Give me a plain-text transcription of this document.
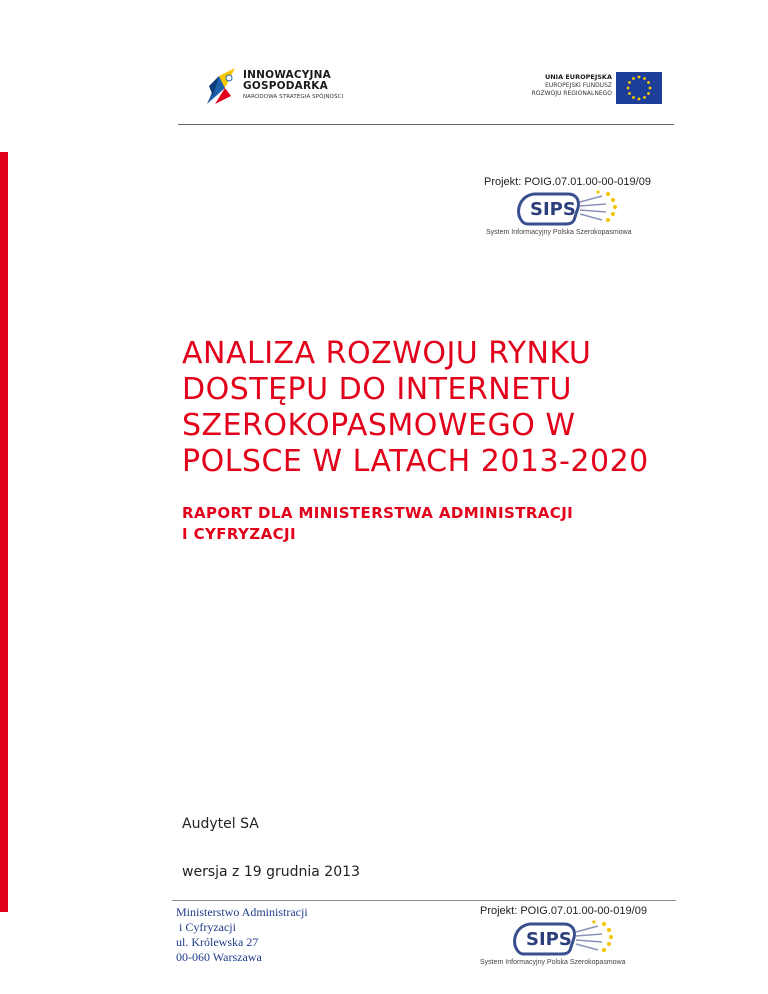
INNOWACYJNA
GOSPODARKA
NARODOWA STRATEGIA SPÓJNOŚCI
UNIA EUROPEJSKA
EUROPEJSKI FUNDUSZ
ROZWOJU REGIONALNEGO
Projekt: POIG.07.01.00-00-019/09
SIPS
System Informacyjny Polska Szerokopasmowa
ANALIZA ROZWOJU RYNKU
DOSTĘPU DO INTERNETU
SZEROKOPASMOWEGO W
POLSCE W LATACH 2013-2020
RAPORT DLA MINISTERSTWA ADMINISTRACJI
I CYFRYZACJI
Audytel SA
wersja z 19 grudnia 2013
Ministerstwo Administracji
i Cyfryzacji
ul. Królewska 27
00-060 Warszawa
Projekt: POIG.07.01.00-00-019/09
SIPS
System Informacyjny Polska Szerokopasmowa
